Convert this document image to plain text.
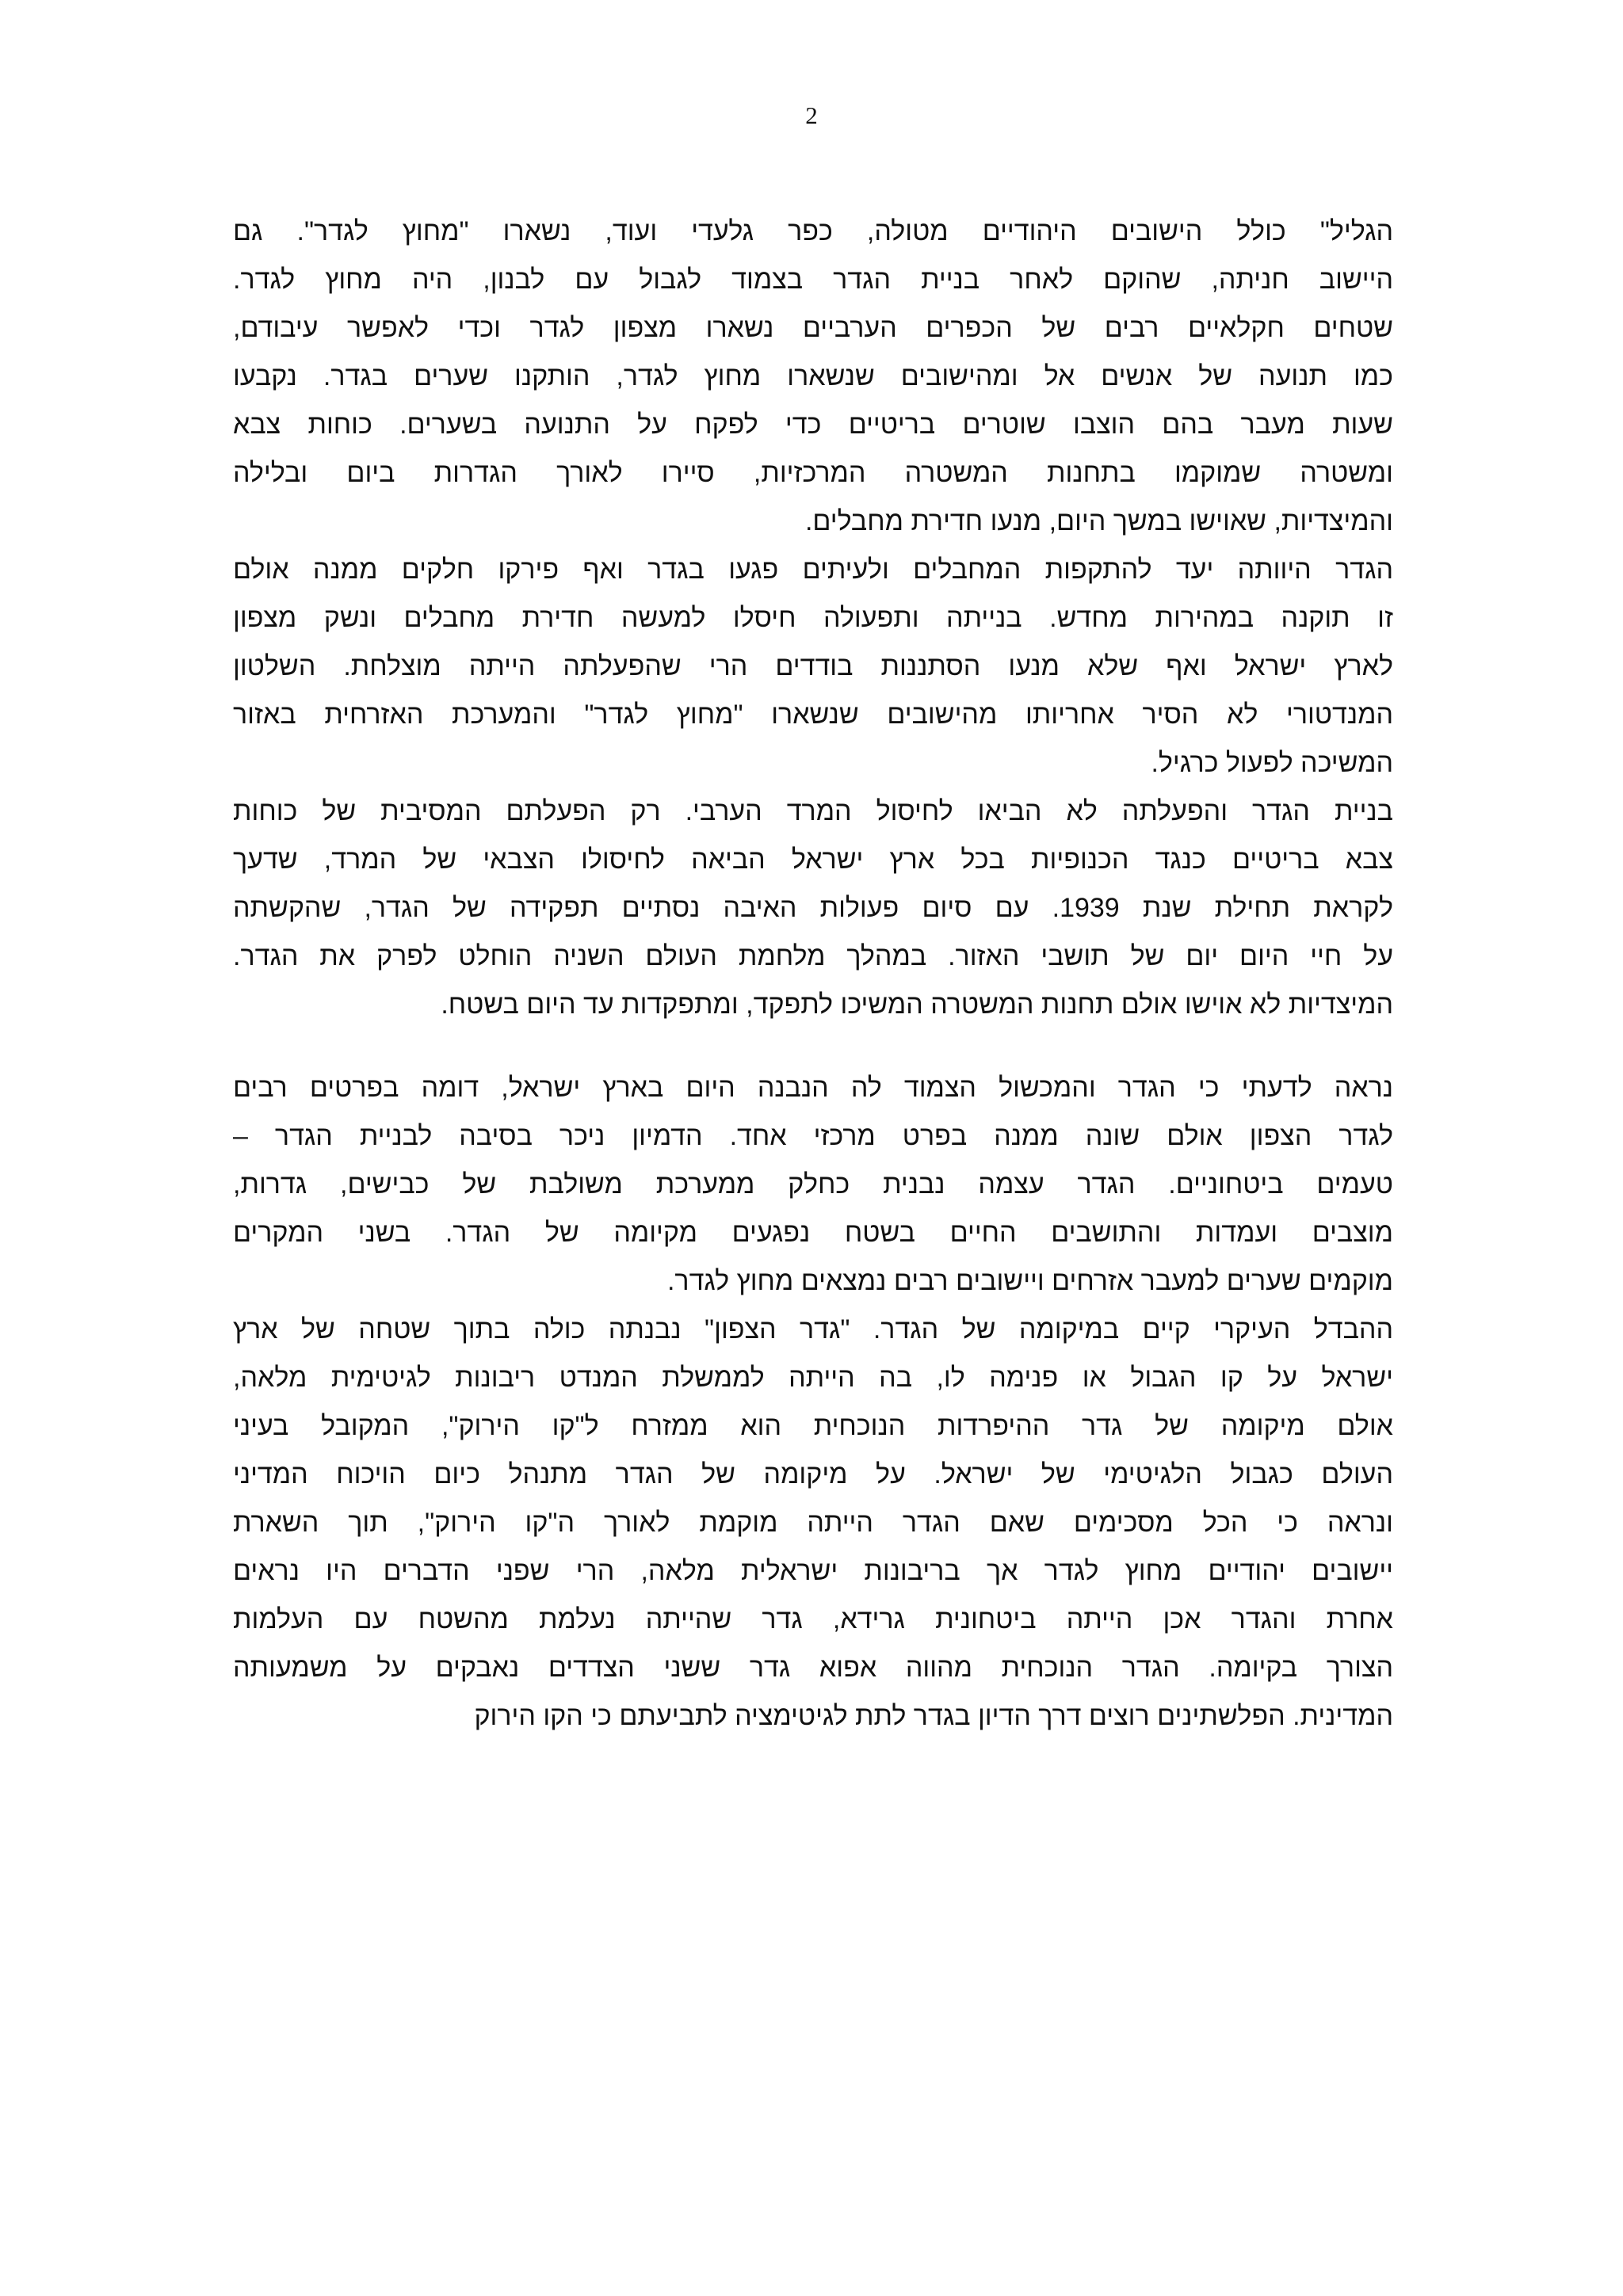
2
הגליל" כולל הישובים היהודיים מטולה, כפר גלעדי ועוד, נשארו "מחוץ לגדר". גם
היישוב חניתה, שהוקם לאחר בניית הגדר בצמוד לגבול עם לבנון, היה מחוץ לגדר.
שטחים חקלאיים רבים של הכפרים הערביים נשארו מצפון לגדר וכדי לאפשר עיבודם,
כמו תנועה של אנשים אל ומהישובים שנשארו מחוץ לגדר, הותקנו שערים בגדר. נקבעו
שעות מעבר בהם הוצבו שוטרים בריטיים כדי לפקח על התנועה בשערים. כוחות צבא
ומשטרה שמוקמו בתחנות המשטרה המרכזיות, סיירו לאורך הגדרות ביום ובלילה
והמיצדיות, שאוישו במשך היום, מנעו חדירת מחבלים.
הגדר היוותה יעד להתקפות המחבלים ולעיתים פגעו בגדר ואף פירקו חלקים ממנה אולם
זו תוקנה במהירות מחדש. בנייתה ותפעולה חיסלו למעשה חדירת מחבלים ונשק מצפון
לארץ ישראל ואף שלא מנעו הסתננות בודדים הרי שהפעלתה הייתה מוצלחת. השלטון
המנדטורי לא הסיר אחריותו מהישובים שנשארו "מחוץ לגדר" והמערכת האזרחית באזור
המשיכה לפעול כרגיל.
בניית הגדר והפעלתה לא הביאו לחיסול המרד הערבי. רק הפעלתם המסיבית של כוחות
צבא בריטיים כנגד הכנופיות בכל ארץ ישראל הביאה לחיסולו הצבאי של המרד, שדעך
לקראת תחילת שנת 1939. עם סיום פעולות האיבה נסתיים תפקידה של הגדר, שהקשתה
על חיי היום יום של תושבי האזור. במהלך מלחמת העולם השניה הוחלט לפרק את הגדר.
המיצדיות לא אוישו אולם תחנות המשטרה המשיכו לתפקד, ומתפקדות עד היום בשטח.
נראה לדעתי כי הגדר והמכשול הצמוד לה הנבנה היום בארץ ישראל, דומה בפרטים רבים
לגדר הצפון אולם שונה ממנה בפרט מרכזי אחד. הדמיון ניכר בסיבה לבניית הגדר –
טעמים ביטחוניים. הגדר עצמה נבנית כחלק ממערכת משולבת של כבישים, גדרות,
מוצבים ועמדות והתושבים החיים בשטח נפגעים מקיומה של הגדר. בשני המקרים
מוקמים שערים למעבר אזרחים ויישובים רבים נמצאים מחוץ לגדר.
ההבדל העיקרי קיים במיקומה של הגדר. "גדר הצפון" נבנתה כולה בתוך שטחה של ארץ
ישראל על קו הגבול או פנימה לו, בה הייתה לממשלת המנדט ריבונות לגיטימית מלאה,
אולם מיקומה של גדר ההיפרדות הנוכחית הוא ממזרח ל"קו הירוק", המקובל בעיני
העולם כגבול הלגיטימי של ישראל. על מיקומה של הגדר מתנהל כיום הויכוח המדיני
ונראה כי הכל מסכימים שאם הגדר הייתה מוקמת לאורך ה"קו הירוק", תוך השארת
יישובים יהודיים מחוץ לגדר אך בריבונות ישראלית מלאה, הרי שפני הדברים היו נראים
אחרת והגדר אכן הייתה ביטחונית גרידא, גדר שהייתה נעלמת מהשטח עם העלמות
הצורך בקיומה. הגדר הנוכחית מהווה אפוא גדר ששני הצדדים נאבקים על משמעותה
המדינית. הפלשתינים רוצים דרך הדיון בגדר לתת לגיטימציה לתביעתם כי הקו הירוק
